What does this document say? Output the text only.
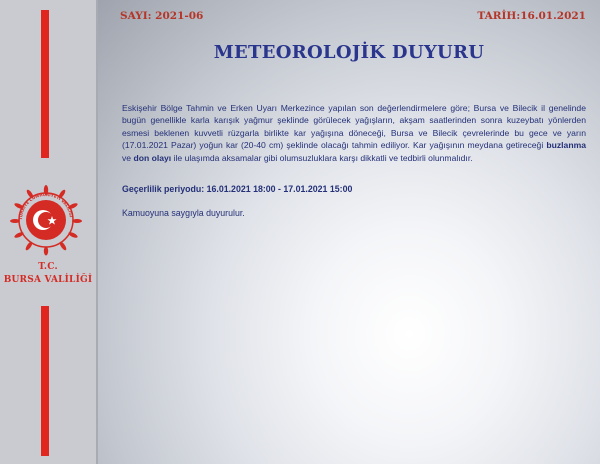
TÜRKİYE CUMHURİYETİ VALİLİĞİ
T.C.
BURSA VALİLİĞİ
SAYI: 2021-06	TARİH:16.01.2021
METEOROLOJİK DUYURU
Eskişehir Bölge Tahmin ve Erken Uyarı Merkezince yapılan son değerlendirmelere göre; Bursa ve Bilecik il genelinde bugün genellikle karla karışık yağmur şeklinde görülecek yağışların, akşam saatlerinden sonra kuzeybatı yönlerden esmesi beklenen kuvvetli rüzgarla birlikte kar yağışına döneceği, Bursa ve Bilecik çevrelerinde bu gece ve yarın (17.01.2021 Pazar) yoğun kar (20-40 cm) şeklinde olacağı tahmin ediliyor. Kar yağışının meydana getireceği buzlanma ve don olayı ile ulaşımda aksamalar gibi olumsuzluklara karşı dikkatli ve tedbirli olunmalıdır.
Geçerlilik periyodu: 16.01.2021 18:00 - 17.01.2021 15:00
Kamuoyuna saygıyla duyurulur.
